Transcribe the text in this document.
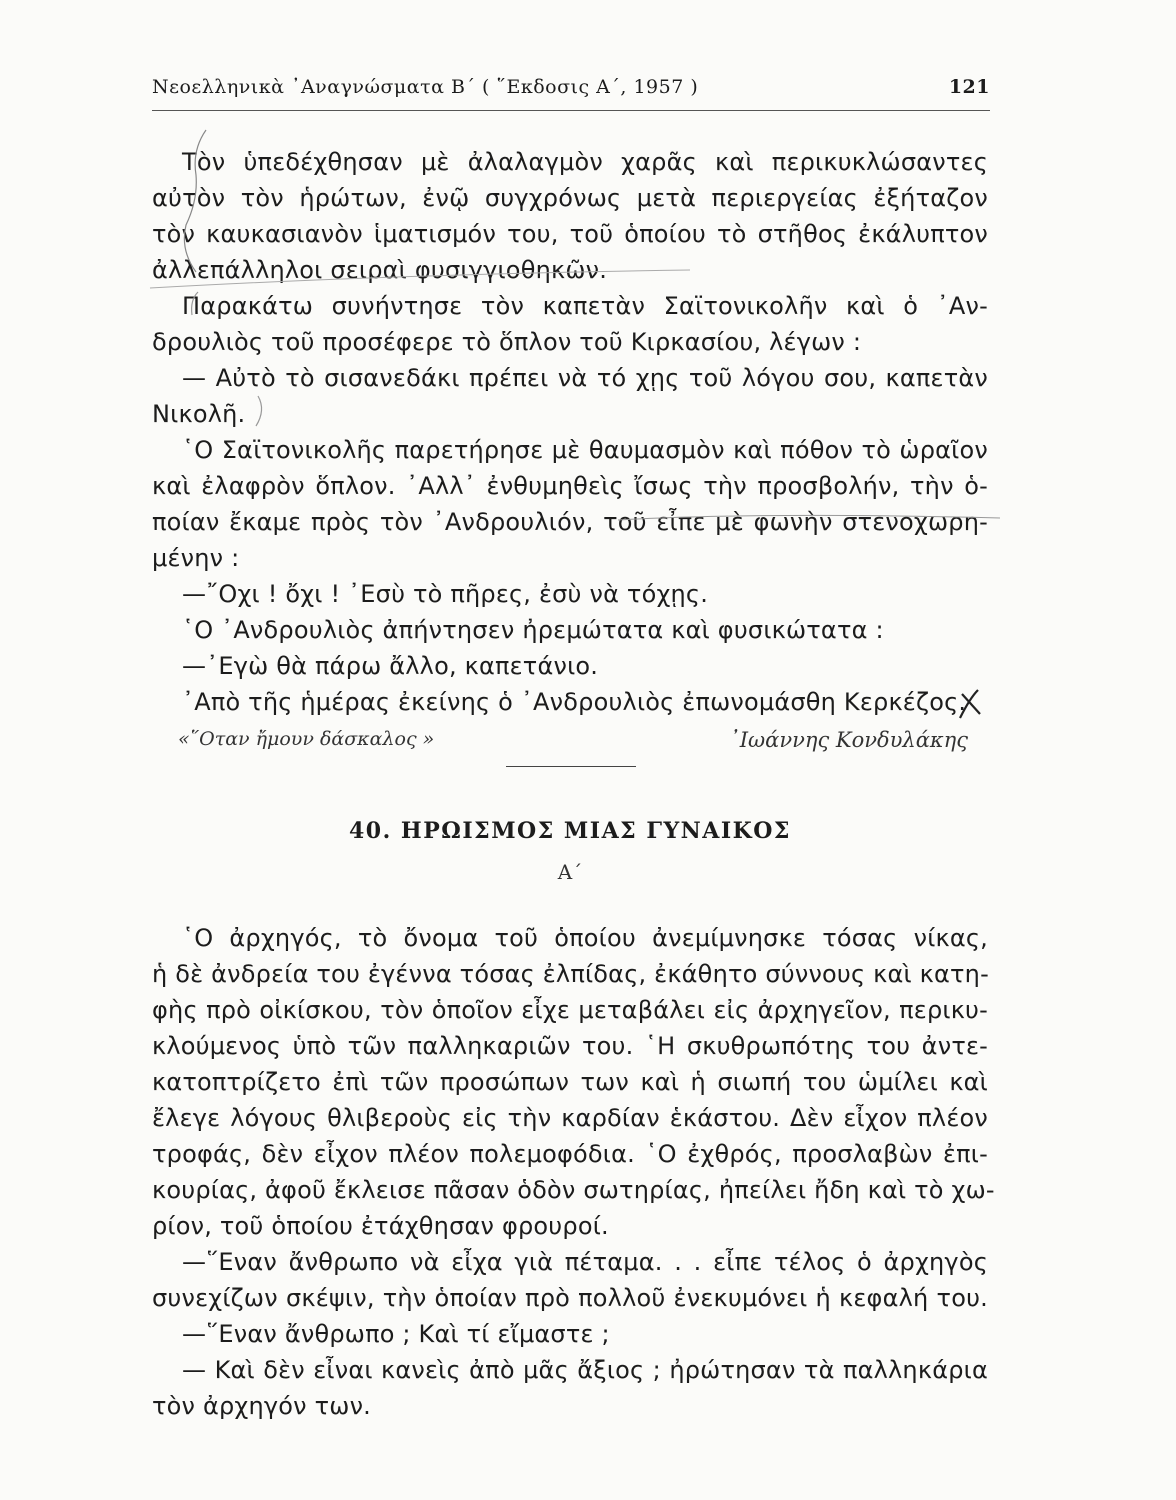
Νεοελληνικὰ ᾿Αναγνώσματα Β΄ ( ῞Εκδοσις Α΄, 1957 )	121
Τὸν ὑπεδέχθησαν μὲ ἀλαλαγμὸν χαρᾶς καὶ περικυκλώσαντες
αὐτὸν τὸν ἡρώτων, ἐνῷ συγχρόνως μετὰ περιεργείας ἐξήταζον
τὸν καυκασιανὸν ἱματισμόν του, τοῦ ὁποίου τὸ στῆθος ἐκάλυπτον
ἀλλεπάλληλοι σειραὶ φυσιγγιοθηκῶν.
Παρακάτω συνήντησε τὸν καπετὰν Σαϊτονικολῆν καὶ ὁ ᾿Αν-
δρουλιὸς τοῦ προσέφερε τὸ ὅπλον τοῦ Κιρκασίου, λέγων :
— Αὐτὸ τὸ σισανεδάκι πρέπει νὰ τό χῃς τοῦ λόγου σου, καπετὰν
Νικολῆ.
῾Ο Σαϊτονικολῆς παρετήρησε μὲ θαυμασμὸν καὶ πόθον τὸ ὡραῖον
καὶ ἐλαφρὸν ὅπλον. ᾿Αλλ᾿ ἐνθυμηθεὶς ἴσως τὴν προσβολήν, τὴν ὁ-
ποίαν ἔκαμε πρὸς τὸν ᾿Ανδρουλιόν, τοῦ εἶπε μὲ φωνὴν στενοχωρη-
μένην :
—῎Οχι ! ὄχι ! ᾿Εσὺ τὸ πῆρες, ἐσὺ νὰ τόχῃς.
῾Ο ᾿Ανδρουλιὸς ἀπήντησεν ἠρεμώτατα καὶ φυσικώτατα :
—᾿Εγὼ θὰ πάρω ἄλλο, καπετάνιο.
᾿Απὸ τῆς ἡμέρας ἐκείνης ὁ ᾿Ανδρουλιὸς ἐπωνομάσθη Κερκέζος.
«῞Οταν ἤμουν δάσκαλος »	᾿Ιωάννης Κονδυλάκης
40. ΗΡΩΙΣΜΟΣ ΜΙΑΣ ΓΥΝΑΙΚΟΣ
Α΄
῾Ο ἀρχηγός, τὸ ὄνομα τοῦ ὁποίου ἀνεμίμνησκε τόσας νίκας,
ἡ δὲ ἀνδρεία του ἐγέννα τόσας ἐλπίδας, ἐκάθητο σύννους καὶ κατη-
φὴς πρὸ οἰκίσκου, τὸν ὁποῖον εἶχε μεταβάλει εἰς ἀρχηγεῖον, περικυ-
κλούμενος ὑπὸ τῶν παλληκαριῶν του. ῾Η σκυθρωπότης του ἀντε-
κατοπτρίζετο ἐπὶ τῶν προσώπων των καὶ ἡ σιωπή του ὡμίλει καὶ
ἔλεγε λόγους θλιβεροὺς εἰς τὴν καρδίαν ἑκάστου. Δὲν εἶχον πλέον
τροφάς, δὲν εἶχον πλέον πολεμοφόδια. ῾Ο ἐχθρός, προσλαβὼν ἐπι-
κουρίας, ἀφοῦ ἔκλεισε πᾶσαν ὁδὸν σωτηρίας, ἠπείλει ἤδη καὶ τὸ χω-
ρίον, τοῦ ὁποίου ἐτάχθησαν φρουροί.
—῞Εναν ἄνθρωπο νὰ εἶχα γιὰ πέταμα. . . εἶπε τέλος ὁ ἀρχηγὸς
συνεχίζων σκέψιν, τὴν ὁποίαν πρὸ πολλοῦ ἐνεκυμόνει ἡ κεφαλή του.
—῞Εναν ἄνθρωπο ; Καὶ τί εἴμαστε ;
— Καὶ δὲν εἶναι κανεὶς ἀπὸ μᾶς ἄξιος ; ἠρώτησαν τὰ παλληκάρια
τὸν ἀρχηγόν των.
